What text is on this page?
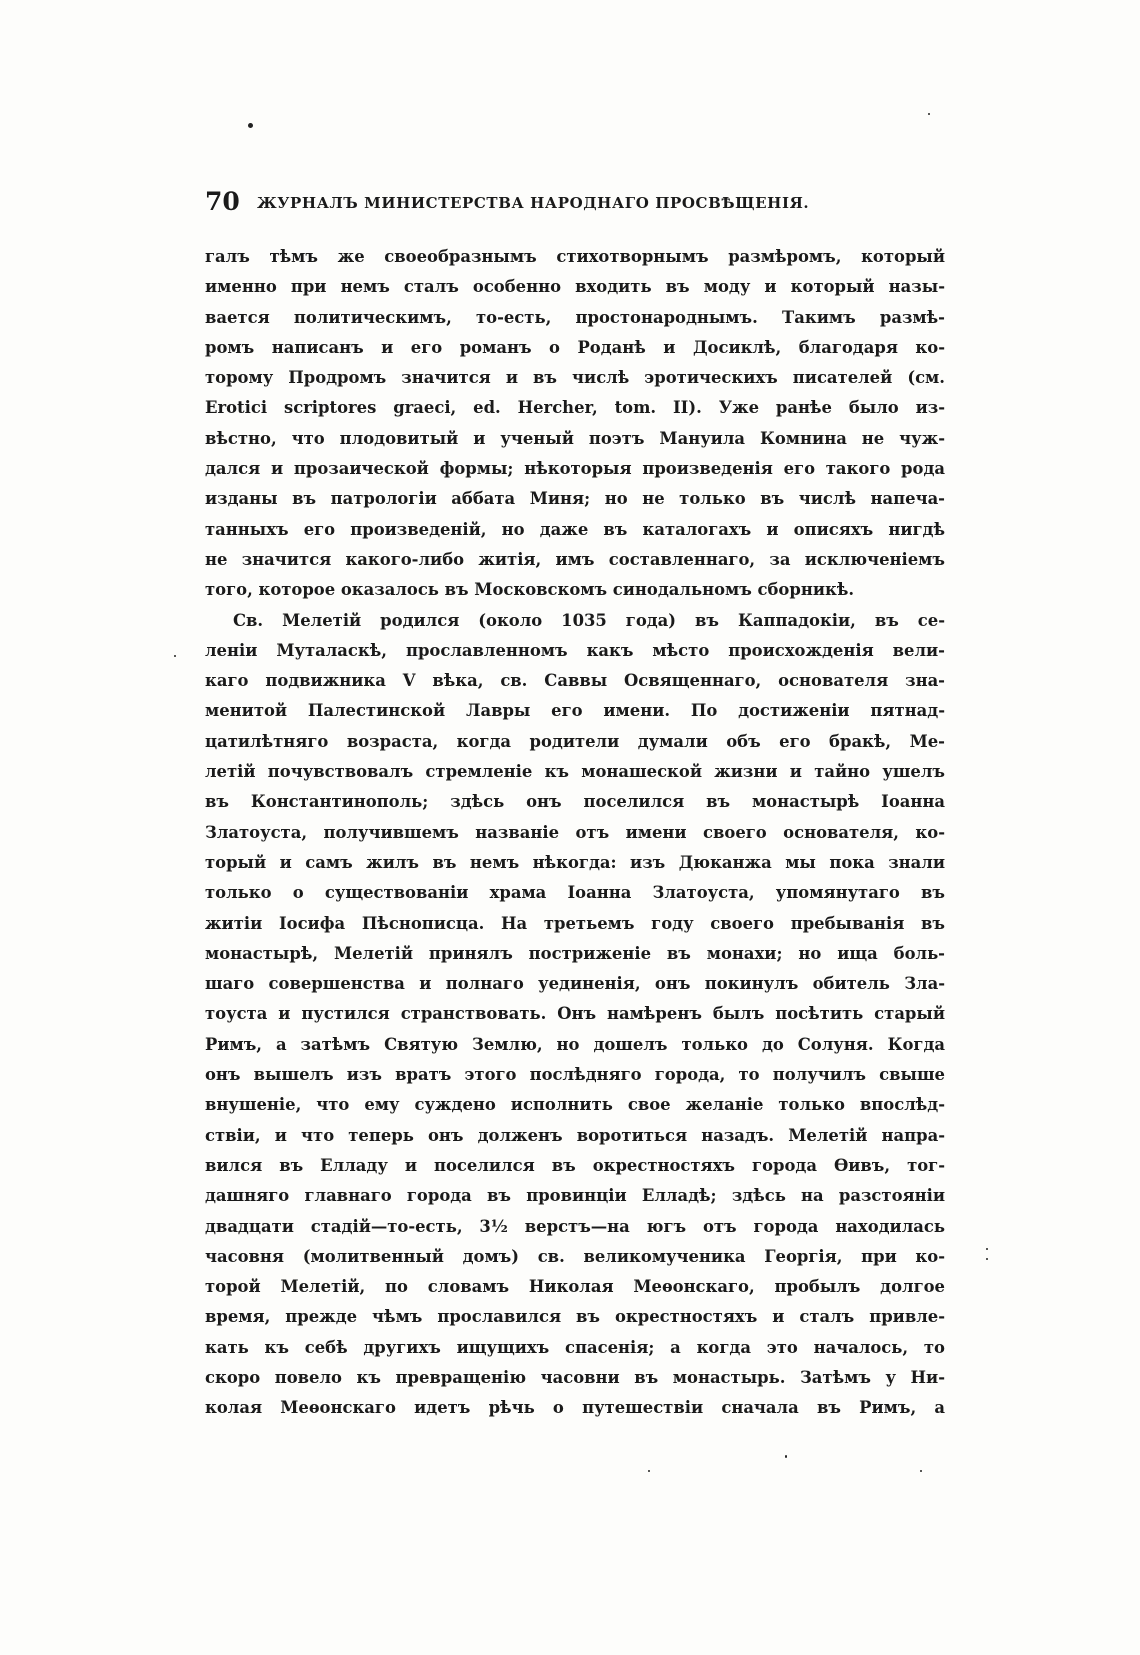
70 ЖУРНАЛЪ МИНИСТЕРСТВА НАРОДНАГО ПРОСВѢЩЕНІЯ.
галъ тѣмъ же своеобразнымъ стихотворнымъ размѣромъ, который
именно при немъ сталъ особенно входить въ моду и который назы-
вается политическимъ, то-есть, простонароднымъ. Такимъ размѣ-
ромъ написанъ и его романъ о Роданѣ и Досиклѣ, благодаря ко-
торому Продромъ значится и въ числѣ эротическихъ писателей (см.
Erotici scriptores graeci, ed. Hercher, tom. II). Уже ранѣе было из-
вѣстно, что плодовитый и ученый поэтъ Мануила Комнина не чуж-
дался и прозаической формы; нѣкоторыя произведенія его такого рода
изданы въ патрологіи аббата Миня; но не только въ числѣ напеча-
танныхъ его произведеній, но даже въ каталогахъ и описяхъ нигдѣ
не значится какого-либо житія, имъ составленнаго, за исключеніемъ
того, которое оказалось въ Московскомъ синодальномъ сборникѣ.
Св. Мелетій родился (около 1035 года) въ Каппадокіи, въ се-
леніи Муталаскѣ, прославленномъ какъ мѣсто происхожденія вели-
каго подвижника V вѣка, св. Саввы Освященнаго, основателя зна-
менитой Палестинской Лавры его имени. По достиженіи пятнад-
цатилѣтняго возраста, когда родители думали объ его бракѣ, Ме-
летій почувствовалъ стремленіе къ монашеской жизни и тайно ушелъ
въ Константинополь; здѣсь онъ поселился въ монастырѣ Іоанна
Златоуста, получившемъ названіе отъ имени своего основателя, ко-
торый и самъ жилъ въ немъ нѣкогда: изъ Дюканжа мы пока знали
только о существованіи храма Іоанна Златоуста, упомянутаго въ
житіи Іосифа Пѣснописца. На третьемъ году своего пребыванія въ
монастырѣ, Мелетій принялъ постриженіе въ монахи; но ища боль-
шаго совершенства и полнаго уединенія, онъ покинулъ обитель Зла-
тоуста и пустился странствовать. Онъ намѣренъ былъ посѣтить старый
Римъ, а затѣмъ Святую Землю, но дошелъ только до Солуня. Когда
онъ вышелъ изъ вратъ этого послѣдняго города, то получилъ свыше
внушеніе, что ему суждено исполнить свое желаніе только впослѣд-
ствіи, и что теперь онъ долженъ воротиться назадъ. Мелетій напра-
вился въ Елладу и поселился въ окрестностяхъ города Ѳивъ, тог-
дашняго главнаго города въ провинціи Елладѣ; здѣсь на разстояніи
двадцати стадій—то-есть, 3½ верстъ—на югъ отъ города находилась
часовня (молитвенный домъ) св. великомученика Георгія, при ко-
торой Мелетій, по словамъ Николая Меѳонскаго, пробылъ долгое
время, прежде чѣмъ прославился въ окрестностяхъ и сталъ привле-
кать къ себѣ другихъ ищущихъ спасенія; а когда это началось, то
скоро повело къ превращенію часовни въ монастырь. Затѣмъ у Ни-
колая Меѳонскаго идетъ рѣчь о путешествіи сначала въ Римъ, а
